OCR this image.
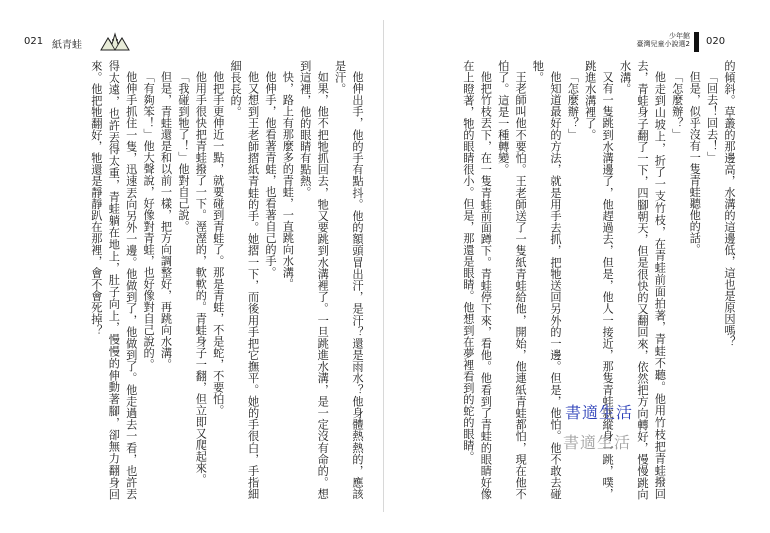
021 紙青蛙

他伸出手，他的手有點抖。他的額頭冒出汗，是汗？還是雨水？他身體熱熱的，應該是汗。

如果，他不把牠抓回去，牠又要跳到水溝裡了。一旦跳進水溝，是一定沒有命的。想到這裡，他的眼睛有點熱。

快，路上有那麼多的青蛙，一直跳向水溝。

他伸手，他看著青蛙，也看著自己的手。

他又想到王老師摺紙青蛙的手。她摺一下，而後用手把它撫平。她的手很白，手指細細長長的。

他把手更伸近一點，就要碰到青蛙了。那是青蛙，不是蛇，不要怕。

他用手很快把青蛙撥了一下。溼溼的，軟軟的。青蛙身子一翻，但立即又爬起來。

「我碰到牠了！」他對自己說。

但是，青蛙還是和以前一樣，把方向調整好，再跳向水溝。

「有夠笨！」他大聲說，好像對青蛙，也好像對自己說的。

他伸手抓住一隻，迅速丟向另外一邊。他做到了，他做到了。他走過去一看，也許丟得太遠，也許丟得太重，青蛙躺在地上，肚子向上，慢慢的伸動著腳，卻無力翻身回來。他把牠翻好，牠還是靜靜趴在那裡，會不會死掉？

少年館
臺灣兒童小說選2 020

的傾斜。草叢的那邊高，水溝的這邊低，這也是原因嗎？

「回去！回去！」

但是，似乎沒有一隻青蛙聽他的話。

「怎麼辦？」

他走到山坡上，折了一支竹枝，在青蛙前面拍著，青蛙不聽。他用竹枝把青蛙撥回去，青蛙身子翻了一下，四腳朝天，但是很快的又翻回來，依然把方向轉好，慢慢跳向水溝。

又有一隻跳到水溝邊了，他趕過去，但是，他人一接近，那隻青蛙就縱身一跳，噗，跳進水溝裡了。

「怎麼辦？」

他知道最好的方法，就是用手去抓，把牠送回另外的一邊。但是，他怕。他不敢去碰牠。

王老師叫他不要怕。王老師送了一隻紙青蛙給他，開始，他連紙青蛙都怕，現在他不怕了。這是一種轉變。

他把竹枝丟下，在一隻青蛙前面蹲下。青蛙停下來，看他。他看到了青蛙的眼睛好像在上瞪著，牠的眼睛很小。但是，那還是眼睛。他想到在夢裡看到的蛇的眼睛。	書適生活
書適生活
